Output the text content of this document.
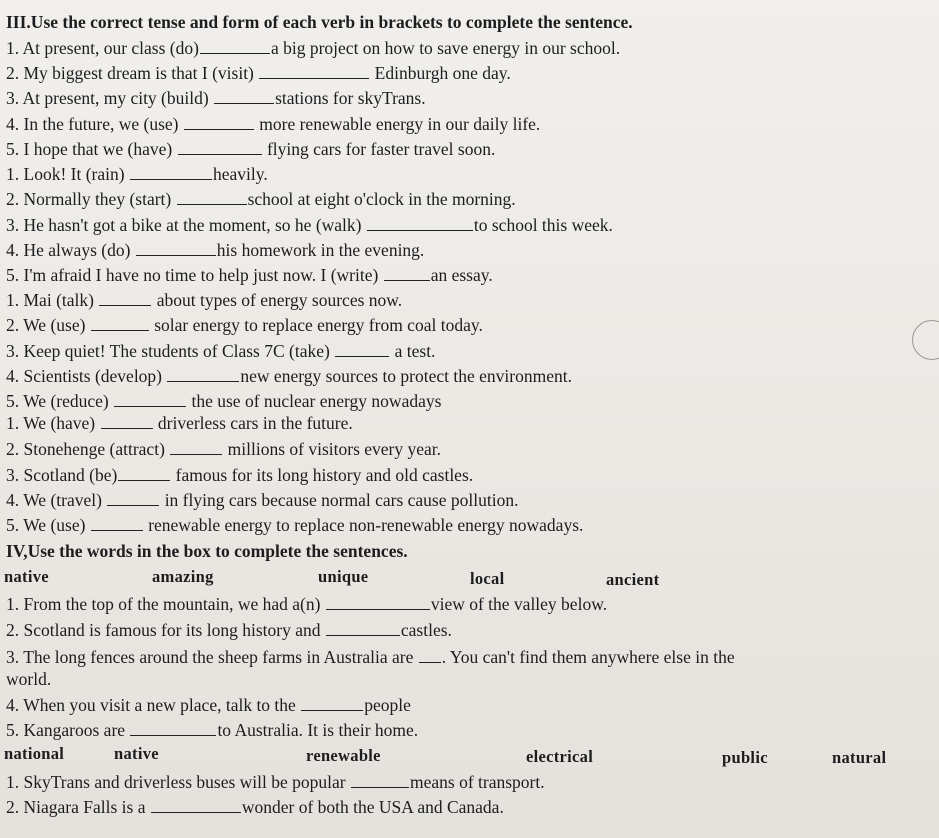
III.Use the correct tense and form of each verb in brackets to complete the sentence.
1. At present, our class (do)	a big project on how to save energy in our school.
2. My biggest dream is that I (visit)	Edinburgh one day.
3. At present, my city (build)	stations for skyTrans.
4. In the future, we (use)	more renewable energy in our daily life.
5. I hope that we (have)	flying cars for faster travel soon.
1. Look! It (rain)	heavily.
2. Normally they (start)	school at eight o'clock in the morning.
3. He hasn't got a bike at the moment, so he (walk)	to school this week.
4. He always (do)	his homework in the evening.
5. I'm afraid I have no time to help just now. I (write)	an essay.
1. Mai (talk)	about types of energy sources now.
2. We (use)	solar energy to replace energy from coal today.
3. Keep quiet! The students of Class 7C (take)	a test.
4. Scientists (develop)	new energy sources to protect the environment.
5. We (reduce)	the use of nuclear energy nowadays
1. We (have)	driverless cars in the future.
2. Stonehenge (attract)	millions of visitors every year.
3. Scotland (be)	famous for its long history and old castles.
4. We (travel)	in flying cars because normal cars cause pollution.
5. We (use)	renewable energy to replace non-renewable energy nowadays.
IV,Use the words in the box to complete the sentences.
native	amazing	unique	local	ancient
1. From the top of the mountain, we had a(n)	view of the valley below.
2. Scotland is famous for its long history and	castles.
3. The long fences around the sheep farms in Australia are . You can't find them anywhere else in the
world.
4. When you visit a new place, talk to the	people
5. Kangaroos are	to Australia. It is their home.
national	native	renewable	electrical	public	natural
1. SkyTrans and driverless buses will be popular	means of transport.
2. Niagara Falls is a	wonder of both the USA and Canada.
